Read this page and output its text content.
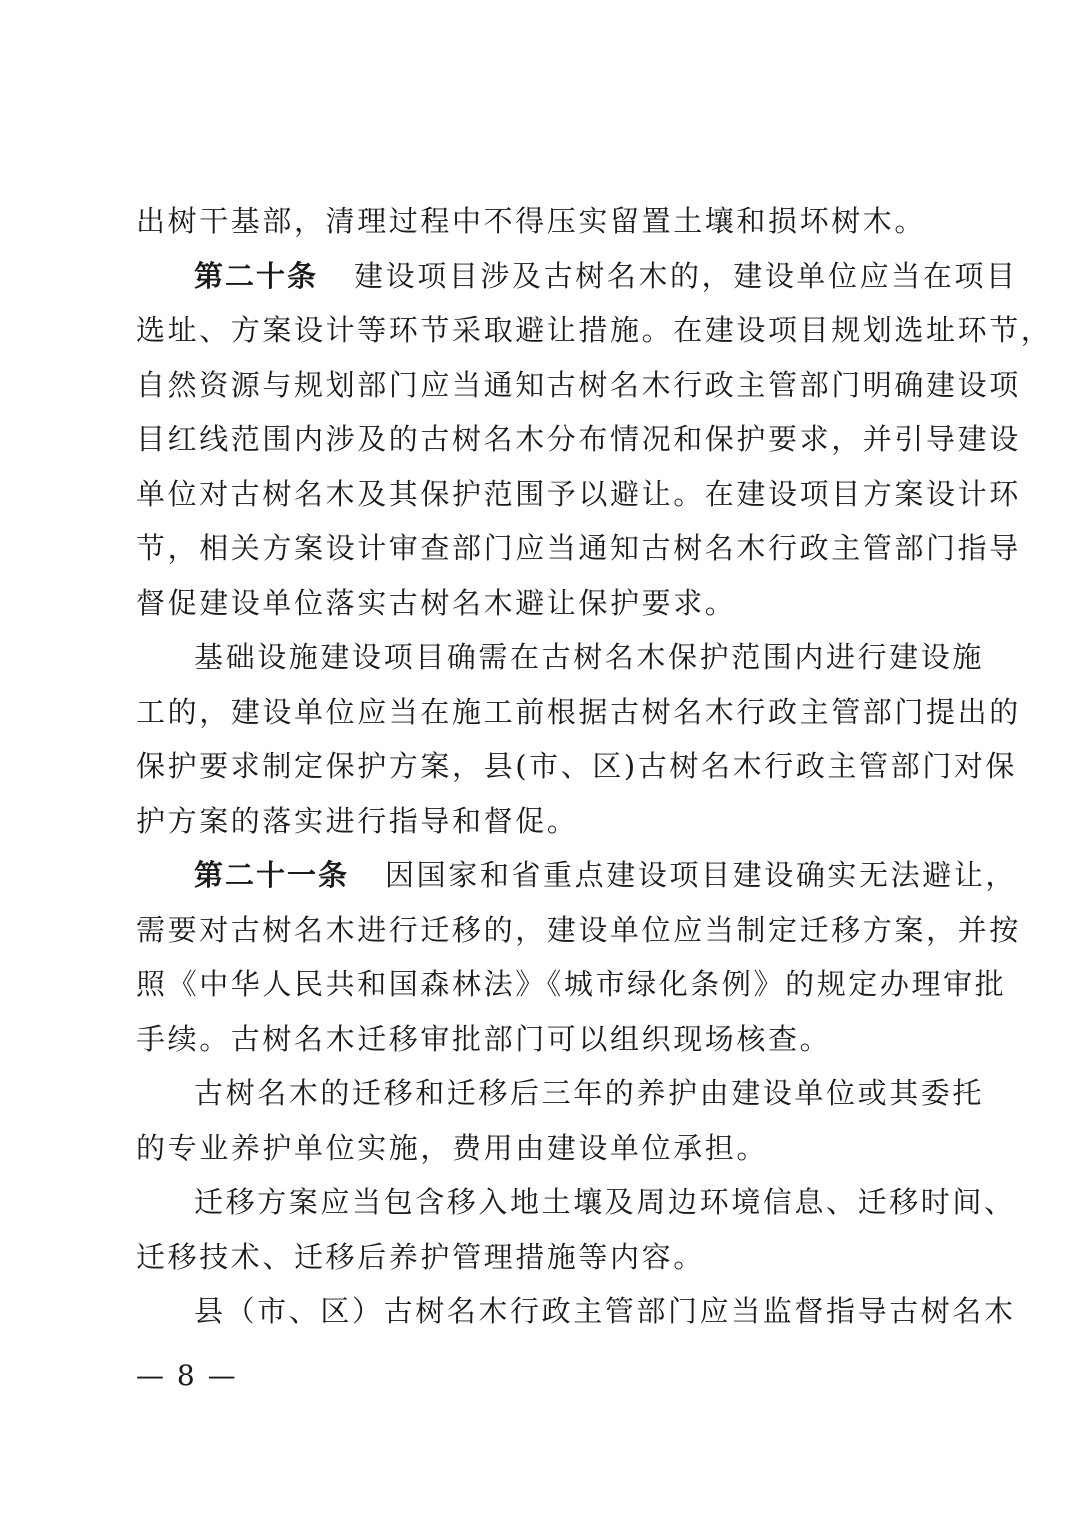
出树干基部，清理过程中不得压实留置土壤和损坏树木。
第二十条 建设项目涉及古树名木的，建设单位应当在项目
选址、方案设计等环节采取避让措施。在建设项目规划选址环节，
自然资源与规划部门应当通知古树名木行政主管部门明确建设项
目红线范围内涉及的古树名木分布情况和保护要求，并引导建设
单位对古树名木及其保护范围予以避让。在建设项目方案设计环
节，相关方案设计审查部门应当通知古树名木行政主管部门指导
督促建设单位落实古树名木避让保护要求。
基础设施建设项目确需在古树名木保护范围内进行建设施
工的，建设单位应当在施工前根据古树名木行政主管部门提出的
保护要求制定保护方案，县(市、区)古树名木行政主管部门对保
护方案的落实进行指导和督促。
第二十一条 因国家和省重点建设项目建设确实无法避让，
需要对古树名木进行迁移的，建设单位应当制定迁移方案，并按
照《中华人民共和国森林法》《城市绿化条例》的规定办理审批
手续。古树名木迁移审批部门可以组织现场核查。
古树名木的迁移和迁移后三年的养护由建设单位或其委托
的专业养护单位实施，费用由建设单位承担。
迁移方案应当包含移入地土壤及周边环境信息、迁移时间、
迁移技术、迁移后养护管理措施等内容。
县（市、区）古树名木行政主管部门应当监督指导古树名木
— 8 —
